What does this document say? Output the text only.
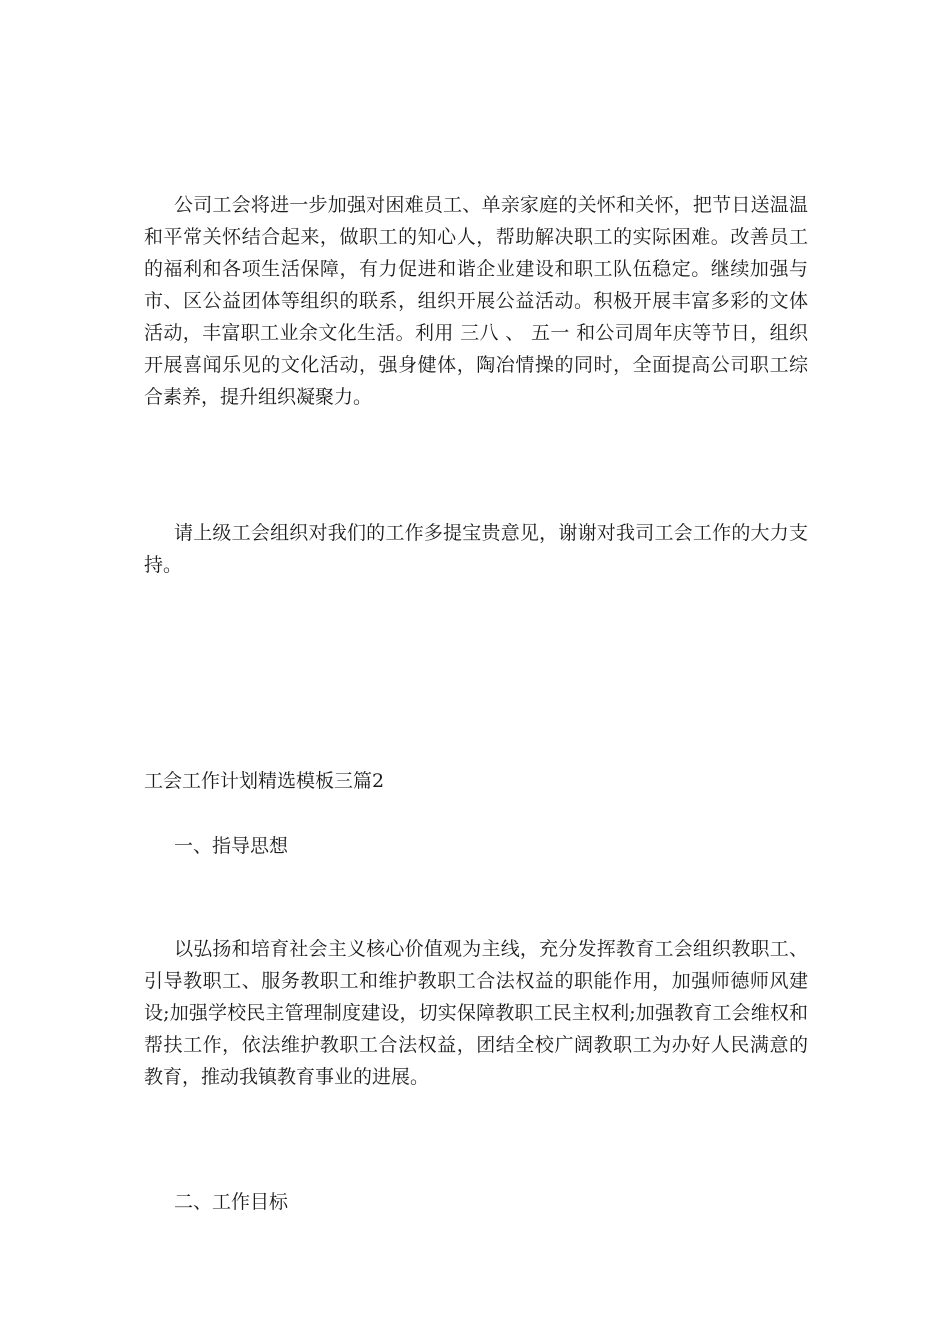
公司工会将进一步加强对困难员工、单亲家庭的关怀和关怀，把节日送温温和平常关怀结合起来，做职工的知心人，帮助解决职工的实际困难。改善员工的福利和各项生活保障，有力促进和谐企业建设和职工队伍稳定。继续加强与市、区公益团体等组织的联系，组织开展公益活动。积极开展丰富多彩的文体活动，丰富职工业余文化生活。利用 三八 、 五一 和公司周年庆等节日，组织开展喜闻乐见的文化活动，强身健体，陶冶情操的同时，全面提高公司职工综合素养，提升组织凝聚力。

请上级工会组织对我们的工作多提宝贵意见，谢谢对我司工会工作的大力支持。

工会工作计划精选模板三篇2

一、指导思想

以弘扬和培育社会主义核心价值观为主线，充分发挥教育工会组织教职工、引导教职工、服务教职工和维护教职工合法权益的职能作用，加强师德师风建设;加强学校民主管理制度建设，切实保障教职工民主权利;加强教育工会维权和帮扶工作，依法维护教职工合法权益，团结全校广阔教职工为办好人民满意的教育，推动我镇教育事业的进展。

二、工作目标
